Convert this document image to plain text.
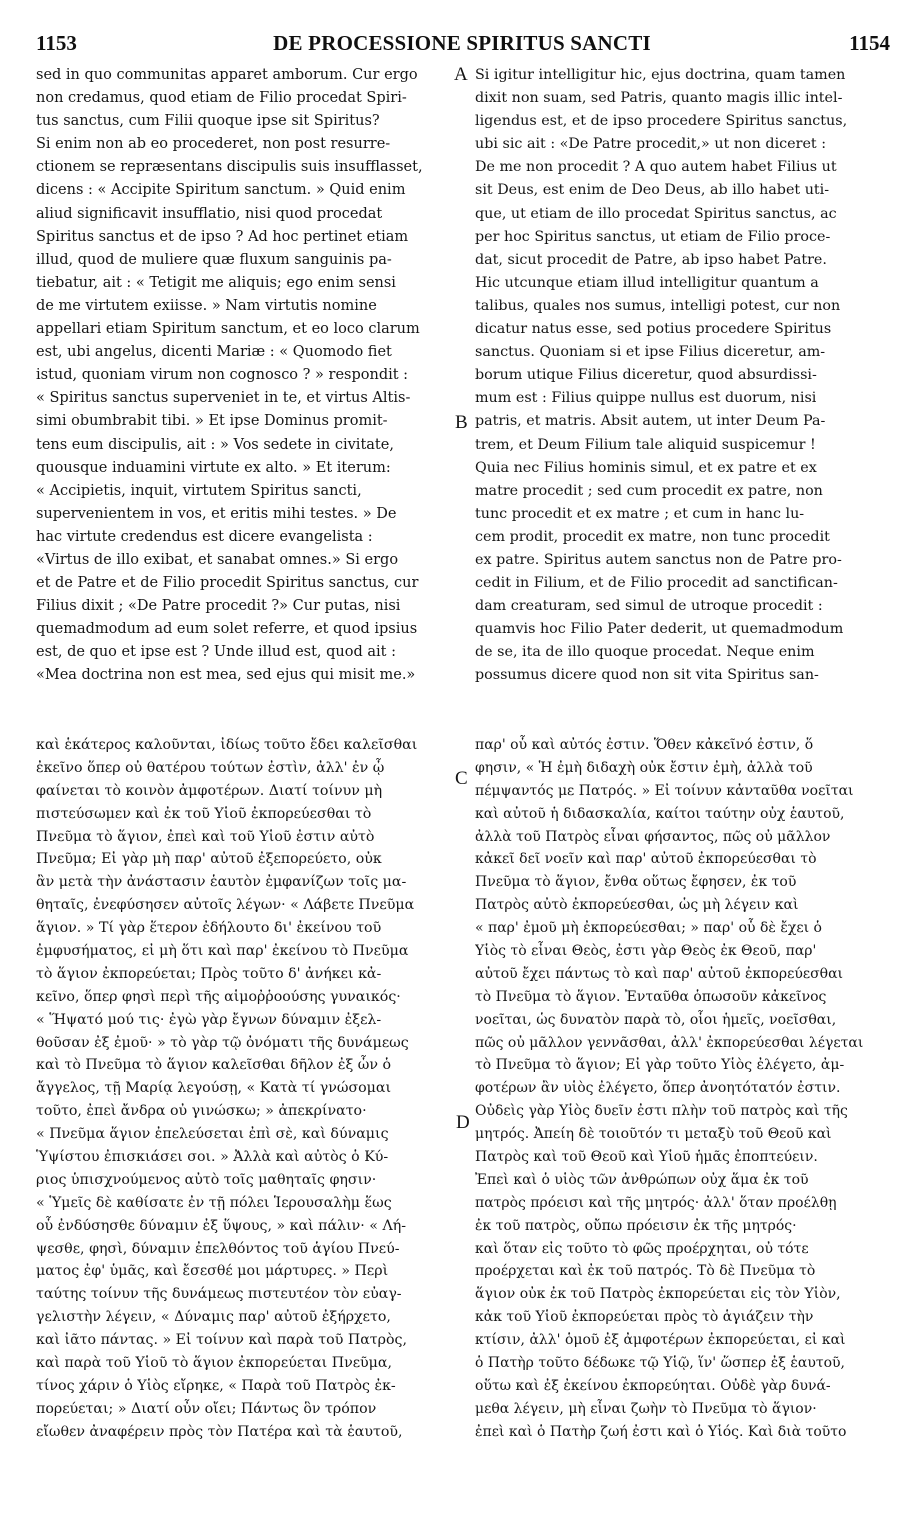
1153	DE PROCESSIONE SPIRITUS SANCTI	1154
sed in quo communitas apparet amborum. Cur ergo
non credamus, quod etiam de Filio procedat Spiri-
tus sanctus, cum Filii quoque ipse sit Spiritus?
Si enim non ab eo procederet, non post resurre-
ctionem se repræsentans discipulis suis insufflasset,
dicens : « Accipite Spiritum sanctum. » Quid enim
aliud significavit insufflatio, nisi quod procedat
Spiritus sanctus et de ipso ? Ad hoc pertinet etiam
illud, quod de muliere quæ fluxum sanguinis pa-
tiebatur, ait : « Tetigit me aliquis; ego enim sensi
de me virtutem exiisse. » Nam virtutis nomine
appellari etiam Spiritum sanctum, et eo loco clarum
est, ubi angelus, dicenti Mariæ : « Quomodo fiet
istud, quoniam virum non cognosco ? » respondit :
« Spiritus sanctus superveniet in te, et virtus Altis-
simi obumbrabit tibi. » Et ipse Dominus promit-
tens eum discipulis, ait : » Vos sedete in civitate,
quousque induamini virtute ex alto. » Et iterum:
« Accipietis, inquit, virtutem Spiritus sancti,
supervenientem in vos, et eritis mihi testes. » De
hac virtute credendus est dicere evangelista :
«Virtus de illo exibat, et sanabat omnes.» Si ergo
et de Patre et de Filio procedit Spiritus sanctus, cur
Filius dixit ; «De Patre procedit ?» Cur putas, nisi
quemadmodum ad eum solet referre, et quod ipsius
est, de quo et ipse est ? Unde illud est, quod ait :
«Mea doctrina non est mea, sed ejus qui misit me.»
Si igitur intelligitur hic, ejus doctrina, quam tamen
dixit non suam, sed Patris, quanto magis illic intel-
ligendus est, et de ipso procedere Spiritus sanctus,
ubi sic ait : «De Patre procedit,» ut non diceret :
De me non procedit ? A quo autem habet Filius ut
sit Deus, est enim de Deo Deus, ab illo habet uti-
que, ut etiam de illo procedat Spiritus sanctus, ac
per hoc Spiritus sanctus, ut etiam de Filio proce-
dat, sicut procedit de Patre, ab ipso habet Patre.
Hic utcunque etiam illud intelligitur quantum a
talibus, quales nos sumus, intelligi potest, cur non
dicatur natus esse, sed potius procedere Spiritus
sanctus. Quoniam si et ipse Filius diceretur, am-
borum utique Filius diceretur, quod absurdissi-
mum est : Filius quippe nullus est duorum, nisi
patris, et matris. Absit autem, ut inter Deum Pa-
trem, et Deum Filium tale aliquid suspicemur !
Quia nec Filius hominis simul, et ex patre et ex
matre procedit ; sed cum procedit ex patre, non
tunc procedit et ex matre ; et cum in hanc lu-
cem prodit, procedit ex matre, non tunc procedit
ex patre. Spiritus autem sanctus non de Patre pro-
cedit in Filium, et de Filio procedit ad sanctifican-
dam creaturam, sed simul de utroque procedit :
quamvis hoc Filio Pater dederit, ut quemadmodum
de se, ita de illo quoque procedat. Neque enim
possumus dicere quod non sit vita Spiritus san-
καὶ ἑκάτερος καλοῦνται, ἰδίως τοῦτο ἔδει καλεῖσθαι
ἐκεῖνο ὅπερ οὐ θατέρου τούτων ἐστὶν, ἀλλ' ἐν ᾧ
φαίνεται τὸ κοινὸν ἀμφοτέρων. Διατί τοίνυν μὴ
πιστεύσωμεν καὶ ἐκ τοῦ Υἱοῦ ἐκπορεύεσθαι τὸ
Πνεῦμα τὸ ἅγιον, ἐπεὶ καὶ τοῦ Υἱοῦ ἐστιν αὐτὸ
Πνεῦμα; Εἰ γὰρ μὴ παρ' αὐτοῦ ἐξεπορεύετο, οὐκ
ἂν μετὰ τὴν ἀνάστασιν ἑαυτὸν ἐμφανίζων τοῖς μα-
θηταῖς, ἐνεφύσησεν αὐτοῖς λέγων· « Λάβετε Πνεῦμα
ἅγιον. » Τί γὰρ ἕτερον ἐδήλουτο δι' ἐκείνου τοῦ
ἐμφυσήματος, εἰ μὴ ὅτι καὶ παρ' ἐκείνου τὸ Πνεῦμα
τὸ ἅγιον ἐκπορεύεται; Πρὸς τοῦτο δ' ἀνήκει κἀ-
κεῖνο, ὅπερ φησὶ περὶ τῆς αἱμοῤῥοούσης γυναικός·
« Ἥψατό μού τις· ἐγὼ γὰρ ἔγνων δύναμιν ἐξελ-
θοῦσαν ἐξ ἐμοῦ· » τὸ γὰρ τῷ ὀνόματι τῆς δυνάμεως
καὶ τὸ Πνεῦμα τὸ ἅγιον καλεῖσθαι δῆλον ἐξ ὧν ὁ
ἄγγελος, τῇ Μαρίᾳ λεγούσῃ, « Κατὰ τί γνώσομαι
τοῦτο, ἐπεὶ ἄνδρα οὐ γινώσκω; » ἀπεκρίνατο·
« Πνεῦμα ἅγιον ἐπελεύσεται ἐπὶ σὲ, καὶ δύναμις
Ὑψίστου ἐπισκιάσει σοι. » Ἀλλὰ καὶ αὐτὸς ὁ Κύ-
ριος ὑπισχνούμενος αὐτὸ τοῖς μαθηταῖς φησιν·
« Ὑμεῖς δὲ καθίσατε ἐν τῇ πόλει Ἱερουσαλὴμ ἕως
οὗ ἐνδύσησθε δύναμιν ἐξ ὕψους, » καὶ πάλιν· « Λή-
ψεσθε, φησὶ, δύναμιν ἐπελθόντος τοῦ ἁγίου Πνεύ-
ματος ἐφ' ὑμᾶς, καὶ ἔσεσθέ μοι μάρτυρες. » Περὶ
ταύτης τοίνυν τῆς δυνάμεως πιστευτέον τὸν εὐαγ-
γελιστὴν λέγειν, « Δύναμις παρ' αὐτοῦ ἐξήρχετο,
καὶ ἰᾶτο πάντας. » Εἰ τοίνυν καὶ παρὰ τοῦ Πατρὸς,
καὶ παρὰ τοῦ Υἱοῦ τὸ ἅγιον ἐκπορεύεται Πνεῦμα,
τίνος χάριν ὁ Υἱὸς εἴρηκε, « Παρὰ τοῦ Πατρὸς ἐκ-
πορεύεται; » Διατί οὖν οἴει; Πάντως ὃν τρόπον
εἴωθεν ἀναφέρειν πρὸς τὸν Πατέρα καὶ τὰ ἑαυτοῦ,
παρ' οὗ καὶ αὐτός ἐστιν. Ὅθεν κἀκεῖνό ἐστιν, ὅ
φησιν, « Ἡ ἐμὴ διδαχὴ οὐκ ἔστιν ἐμὴ, ἀλλὰ τοῦ
πέμψαντός με Πατρός. » Εἰ τοίνυν κἀνταῦθα νοεῖται
καὶ αὐτοῦ ἡ διδασκαλία, καίτοι ταύτην οὐχ ἑαυτοῦ,
ἀλλὰ τοῦ Πατρὸς εἶναι φήσαντος, πῶς οὐ μᾶλλον
κἀκεῖ δεῖ νοεῖν καὶ παρ' αὐτοῦ ἐκπορεύεσθαι τὸ
Πνεῦμα τὸ ἅγιον, ἔνθα οὕτως ἔφησεν, ἐκ τοῦ
Πατρὸς αὐτὸ ἐκπορεύεσθαι, ὡς μὴ λέγειν καὶ
« παρ' ἐμοῦ μὴ ἐκπορεύεσθαι; » παρ' οὗ δὲ ἔχει ὁ
Υἱὸς τὸ εἶναι Θεὸς, ἐστι γὰρ Θεὸς ἐκ Θεοῦ, παρ'
αὐτοῦ ἔχει πάντως τὸ καὶ παρ' αὐτοῦ ἐκπορεύεσθαι
τὸ Πνεῦμα τὸ ἅγιον. Ἐνταῦθα ὁπωσοῦν κἀκεῖνος
νοεῖται, ὡς δυνατὸν παρὰ τὸ, οἷοι ἡμεῖς, νοεῖσθαι,
πῶς οὐ μᾶλλον γεννᾶσθαι, ἀλλ' ἐκπορεύεσθαι λέγεται
τὸ Πνεῦμα τὸ ἅγιον; Εἰ γὰρ τοῦτο Υἱὸς ἐλέγετο, ἀμ-
φοτέρων ἂν υἱὸς ἐλέγετο, ὅπερ ἀνοητότατόν ἐστιν.
Οὐδεὶς γὰρ Υἱὸς δυεῖν ἐστι πλὴν τοῦ πατρὸς καὶ τῆς
μητρός. Ἀπείη δὲ τοιοῦτόν τι μεταξὺ τοῦ Θεοῦ καὶ
Πατρὸς καὶ τοῦ Θεοῦ καὶ Υἱοῦ ἡμᾶς ἐποπτεύειν.
Ἐπεὶ καὶ ὁ υἱὸς τῶν ἀνθρώπων οὐχ ἅμα ἐκ τοῦ
πατρὸς πρόεισι καὶ τῆς μητρός· ἀλλ' ὅταν προέλθῃ
ἐκ τοῦ πατρὸς, οὔπω πρόεισιν ἐκ τῆς μητρός·
καὶ ὅταν εἰς τοῦτο τὸ φῶς προέρχηται, οὐ τότε
προέρχεται καὶ ἐκ τοῦ πατρός. Τὸ δὲ Πνεῦμα τὸ
ἅγιον οὐκ ἐκ τοῦ Πατρὸς ἐκπορεύεται εἰς τὸν Υἱὸν,
κἀκ τοῦ Υἱοῦ ἐκπορεύεται πρὸς τὸ ἁγιάζειν τὴν
κτίσιν, ἀλλ' ὁμοῦ ἐξ ἀμφοτέρων ἐκπορεύεται, εἰ καὶ
ὁ Πατὴρ τοῦτο δέδωκε τῷ Υἱῷ, ἵν' ὥσπερ ἐξ ἑαυτοῦ,
οὕτω καὶ ἐξ ἐκείνου ἐκπορεύηται. Οὐδὲ γὰρ δυνά-
μεθα λέγειν, μὴ εἶναι ζωὴν τὸ Πνεῦμα τὸ ἅγιον·
ἐπεὶ καὶ ὁ Πατὴρ ζωή ἐστι καὶ ὁ Υἱός. Καὶ διὰ τοῦτο
A
B
C
D
